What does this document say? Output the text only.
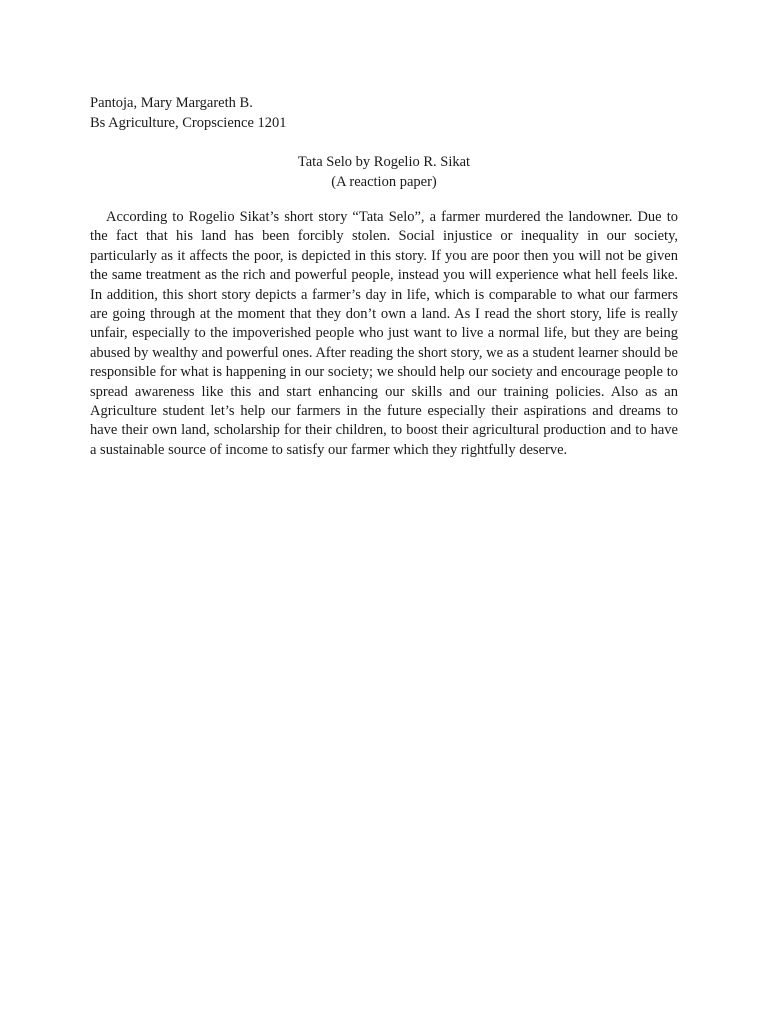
Pantoja, Mary Margareth B.
Bs Agriculture, Cropscience 1201
Tata Selo by Rogelio R. Sikat
(A reaction paper)

According to Rogelio Sikat’s short story “Tata Selo”, a farmer murdered the landowner. Due to the fact that his land has been forcibly stolen. Social injustice or inequality in our society, particularly as it affects the poor, is depicted in this story. If you are poor then you will not be given the same treatment as the rich and powerful people, instead you will experience what hell feels like. In addition, this short story depicts a farmer’s day in life, which is comparable to what our farmers are going through at the moment that they don’t own a land. As I read the short story, life is really unfair, especially to the impoverished people who just want to live a normal life, but they are being abused by wealthy and powerful ones. After reading the short story, we as a student learner should be responsible for what is happening in our society; we should help our society and encourage people to spread awareness like this and start enhancing our skills and our training policies. Also as an Agriculture student let’s help our farmers in the future especially their aspirations and dreams to have their own land, scholarship for their children, to boost their agricultural production and to have a sustainable source of income to satisfy our farmer which they rightfully deserve.
